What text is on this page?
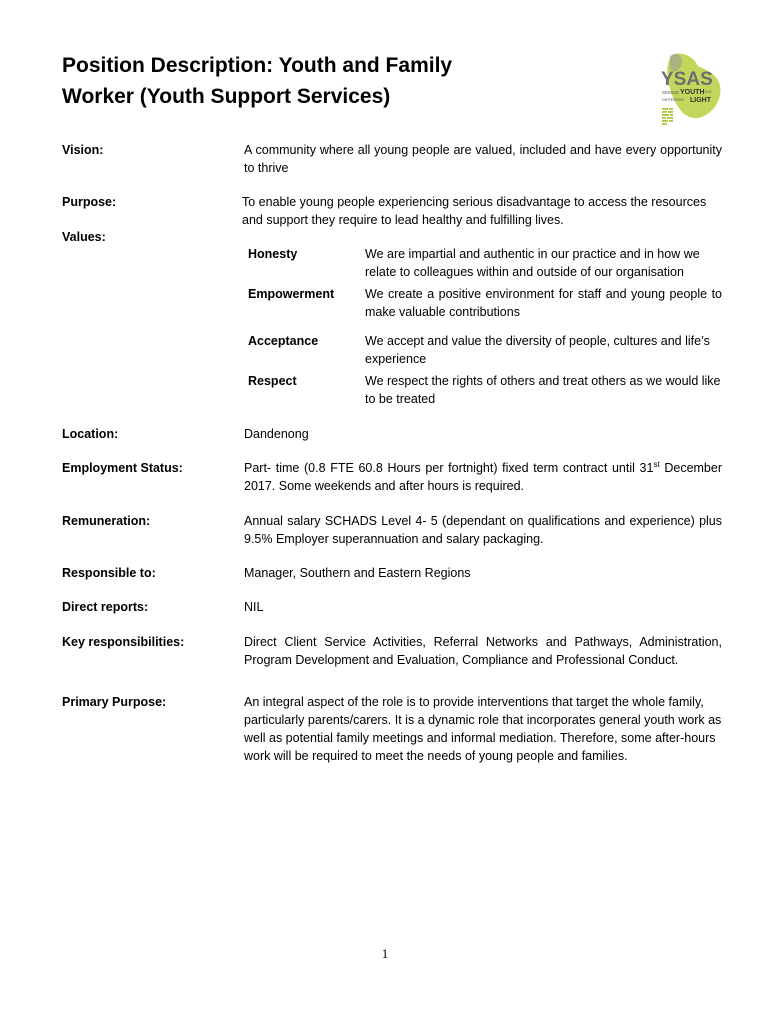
Position Description: Youth and Family Worker (Youth Support Services)
YSAS
SEEING YOUTH IN A
DIFFERENT LIGHT
Vision:	A community where all young people are valued, included and have every opportunity to thrive
Purpose:	To enable young people experiencing serious disadvantage to access the resources and support they require to lead healthy and fulfilling lives.
Values:
Honesty	We are impartial and authentic in our practice and in how we relate to colleagues within and outside of our organisation
Empowerment We create a positive environment for staff and young people to make valuable contributions
Acceptance	We accept and value the diversity of people, cultures and life’s experience
Respect	We respect the rights of others and treat others as we would like to be treated
Location:	Dandenong
Employment Status:	Part- time (0.8 FTE 60.8 Hours per fortnight) fixed term contract until 31st December 2017. Some weekends and after hours is required.
Remuneration:	Annual salary SCHADS Level 4- 5 (dependant on qualifications and experience) plus 9.5% Employer superannuation and salary packaging.
Responsible to:	Manager, Southern and Eastern Regions
Direct reports:	NIL
Key responsibilities:	Direct Client Service Activities, Referral Networks and Pathways, Administration, Program Development and Evaluation, Compliance and Professional Conduct.
Primary Purpose:	An integral aspect of the role is to provide interventions that target the whole family, particularly parents/carers. It is a dynamic role that incorporates general youth work as well as potential family meetings and informal mediation. Therefore, some after-hours work will be required to meet the needs of young people and families.
1
